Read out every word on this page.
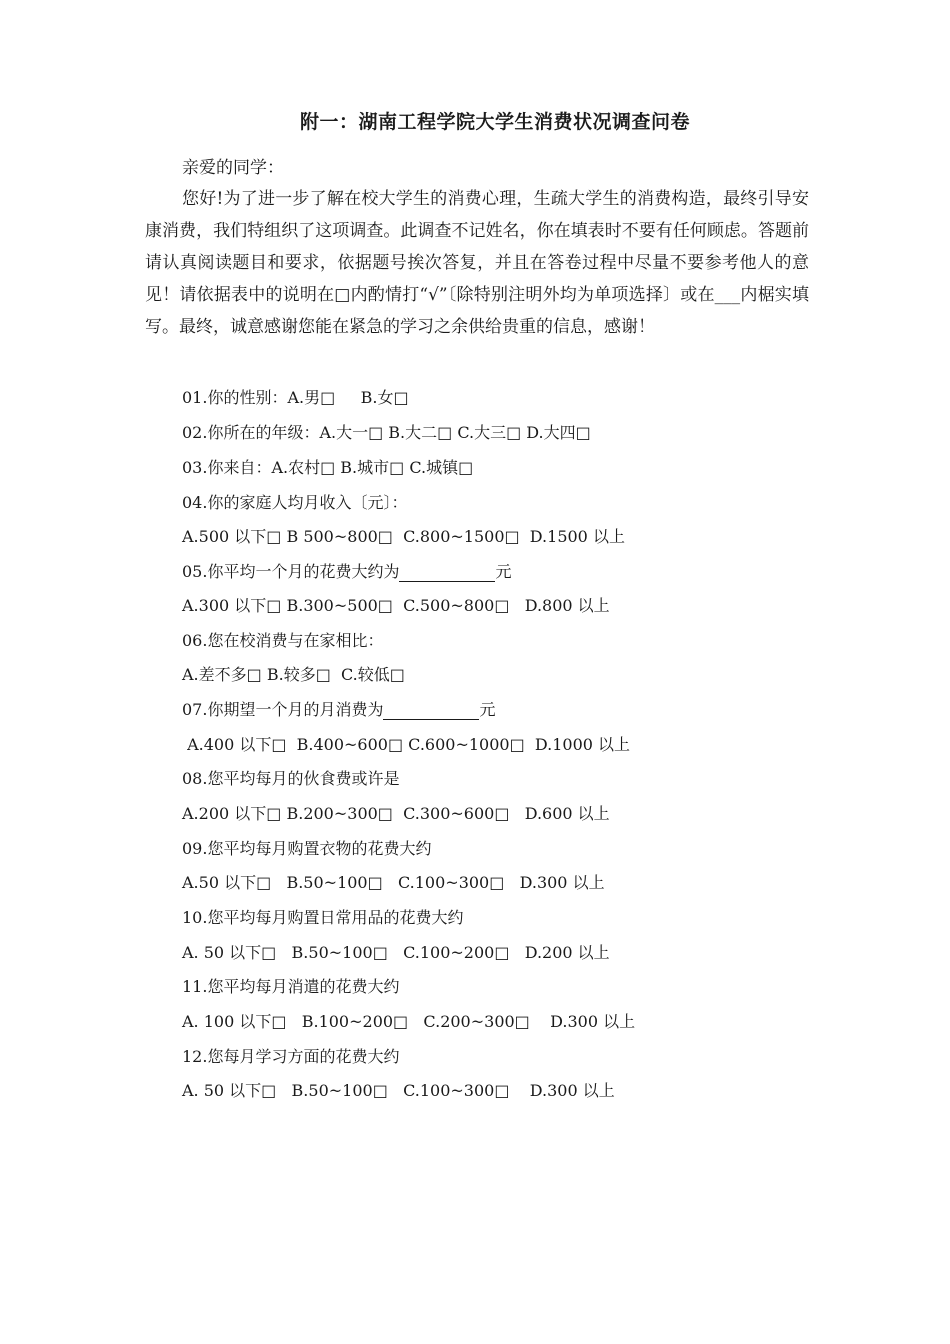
附一：湖南工程学院大学生消费状况调查问卷
亲爱的同学：

您好!为了进一步了解在校大学生的消费心理，生疏大学生的消费构造，最终引导安康消费，我们特组织了这项调查。此调查不记姓名，你在填表时不要有任何顾虑。答题前请认真阅读题目和要求，依据题号挨次答复，并且在答卷过程中尽量不要参考他人的意见！请依据表中的说明在□内酌情打“√”〔除特别注明外均为单项选择〕或在___内椐实填写。最终，诚意感谢您能在紧急的学习之余供给贵重的信息，感谢！

01.你的性别：A.男□     B.女□
02.你所在的年级：A.大一□ B.大二□ C.大三□ D.大四□
03.你来自：A.农村□ B.城市□ C.城镇□
04.你的家庭人均月收入〔元〕：
A.500 以下□ B 500~800□  C.800~1500□  D.1500 以上
05.你平均一个月的花费大约为	元
A.300 以下□ B.300~500□  C.500~800□   D.800 以上
06.您在校消费与在家相比：
A.差不多□ B.较多□  C.较低□
07.你期望一个月的月消费为	元
A.400 以下□  B.400~600□ C.600~1000□  D.1000 以上
08.您平均每月的伙食费或许是
A.200 以下□ B.200~300□  C.300~600□   D.600 以上
09.您平均每月购置衣物的花费大约
A.50 以下□   B.50~100□   C.100~300□   D.300 以上
10.您平均每月购置日常用品的花费大约
A. 50 以下□   B.50~100□   C.100~200□   D.200 以上
11.您平均每月消遣的花费大约
A. 100 以下□   B.100~200□   C.200~300□    D.300 以上
12.您每月学习方面的花费大约
A. 50 以下□   B.50~100□   C.100~300□    D.300 以上
